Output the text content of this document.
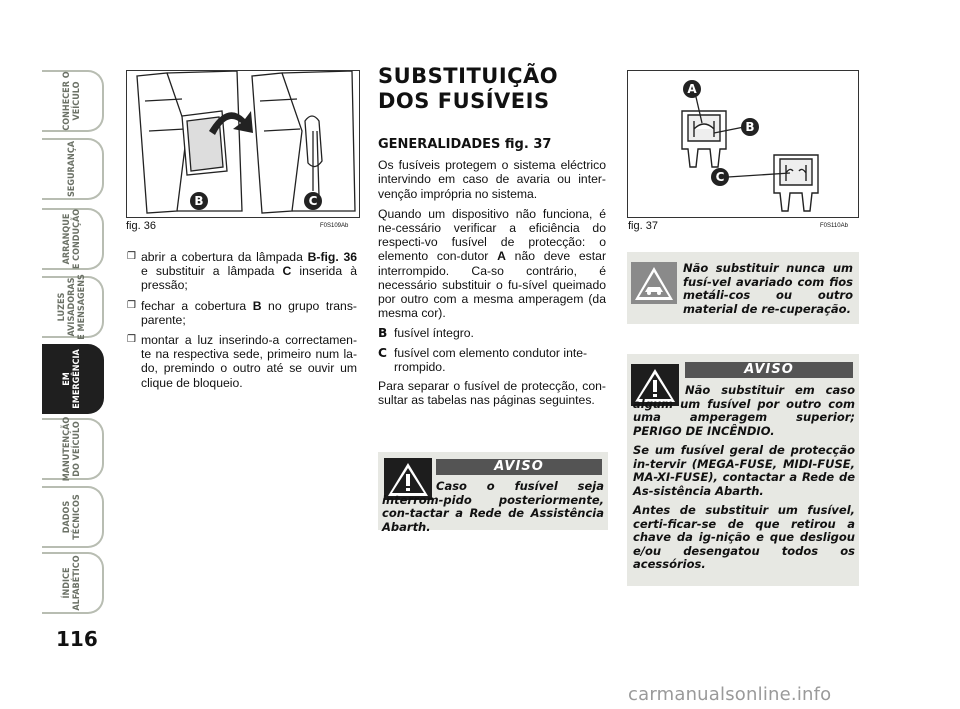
CONHECER O
VEÍCULO
SEGURANÇA
ARRANQUE
E CONDUÇÃO
LUZES
AVISADORAS
E MENSAGENS
EM
EMERGÊNCIA
MANUTENÇÃO
DO VEÍCULO
DADOS
TÉCNICOS
ÍNDICE
ALFABÉTICO
116
B	C
fig. 36	F0S109Ab
❒ abrir a cobertura da lâmpada B-fig. 36 e substituir a lâmpada C inserida à pressão;
❒ fechar a cobertura B no grupo trans-parente;
❒ montar a luz inserindo-a correctamen-te na respectiva sede, primeiro num la-do, premindo o outro até se ouvir um clique de bloqueio.
SUBSTITUIÇÃO
DOS FUSÍVEIS
GENERALIDADES fig. 37

Os fusíveis protegem o sistema eléctrico intervindo em caso de avaria ou inter-venção imprópria no sistema.

Quando um dispositivo não funciona, é ne-cessário verificar a eficiência do respecti-vo fusível de protecção: o elemento con-dutor A não deve estar interrompido. Ca-so contrário, é necessário substituir o fu-sível queimado por outro com a mesma amperagem (da mesma cor).

B fusível íntegro.
C fusível com elemento condutor inte-rrompido.

Para separar o fusível de protecção, con-sultar as tabelas nas páginas seguintes.

AVISO
Caso o fusível seja interrom-pido posteriormente, con-tactar a Rede de Assistência Abarth.
A
B
C
fig. 37	F0S110Ab
Não substituir nunca um fusí-vel avariado com fios metáli-cos ou outro material de re-cuperação.
AVISO

Não substituir em caso algum um fusível por outro com uma amperagem superior; PERIGO DE INCÊNDIO.

Se um fusível geral de protecção in-tervir (MEGA-FUSE, MIDI-FUSE, MA-XI-FUSE), contactar a Rede de As-sistência Abarth.

Antes de substituir um fusível, certi-ficar-se de que retirou a chave da ig-nição e que desligou e/ou desengatou todos os acessórios.

carmanualsonline.info
